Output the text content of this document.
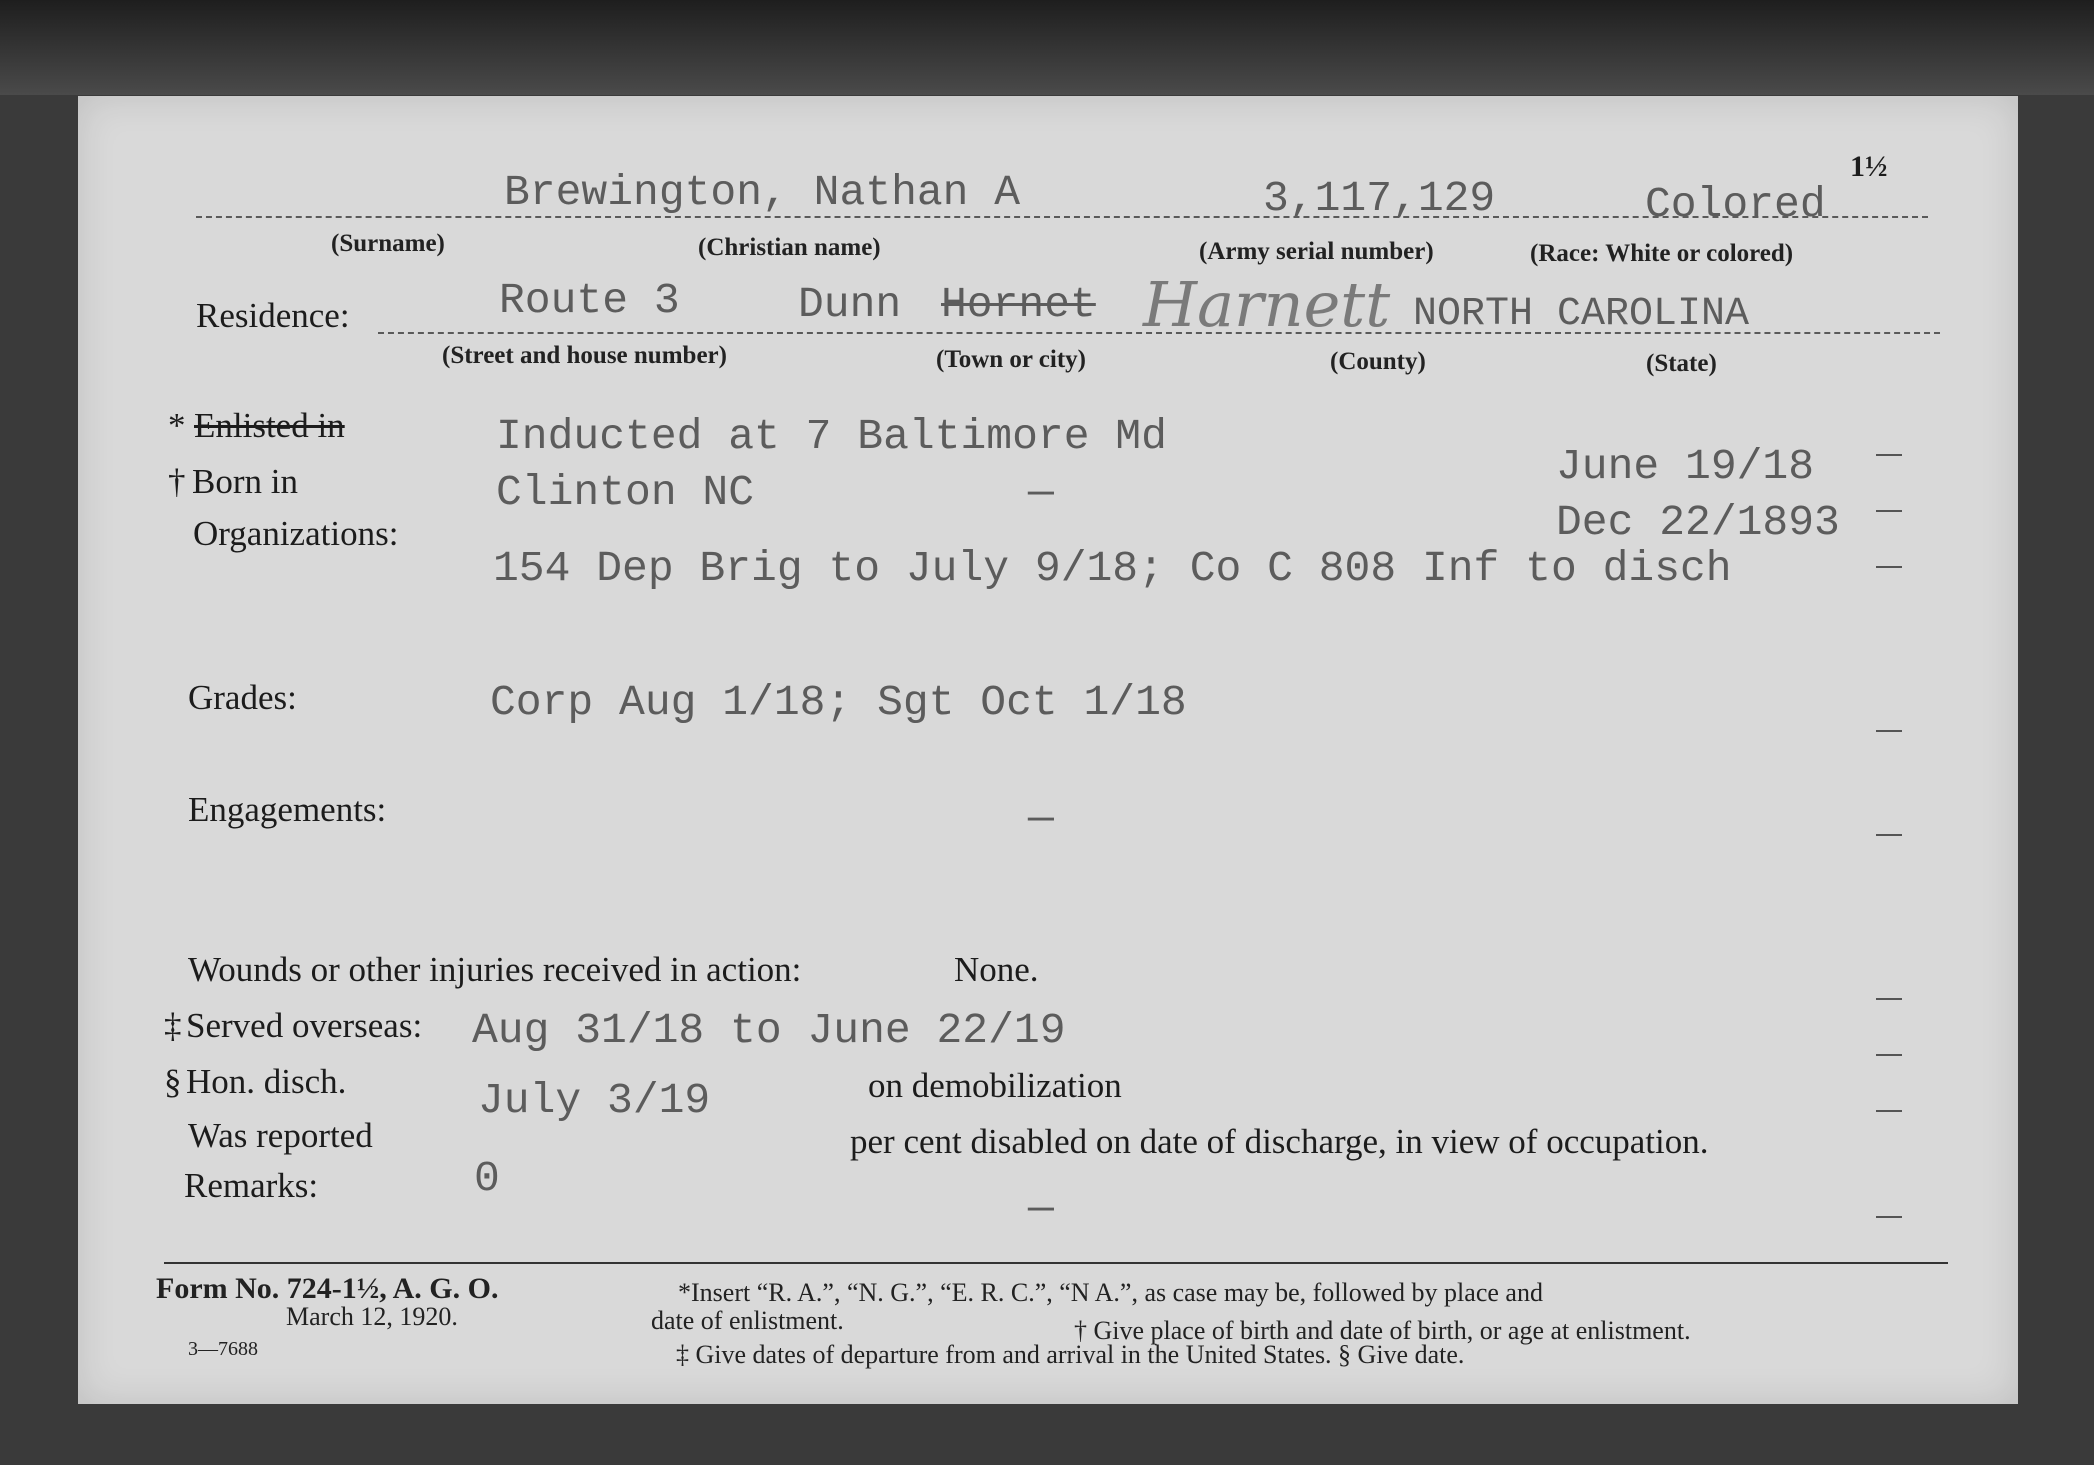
1½
Brewington, Nathan A	3,117,129	Colored
(Surname)	(Christian name)	(Army serial number)	(Race: White or colored)
Residence:	Route 3	Dunn Hornet Harnett NORTH CAROLINA
(Street and house number)	(Town or city)	(County)	(State)
* Enlisted in	Inducted at 7 Baltimore Md
June 19/18
† Born in	Clinton NC	—
Dec 22/1893
Organizations:
154 Dep Brig to July 9/18; Co C 808 Inf to disch
Grades:	Corp Aug 1/18; Sgt Oct 1/18
Engagements:	—
Wounds or other injuries received in action:	None.
‡ Served overseas: Aug 31/18 to June 22/19
§ Hon. disch.	July 3/19	on demobilization
Was reported	per cent disabled on date of discharge, in view of occupation.
Remarks:	0
—
Form No. 724-1½, A. G. O.
March 12, 1920.
3—7688
*Insert “R. A.”, “N. G.”, “E. R. C.”, “N A.”, as case may be, followed by place and
date of enlistment.	† Give place of birth and date of birth, or age at enlistment.
‡ Give dates of departure from and arrival in the United States. § Give date.
